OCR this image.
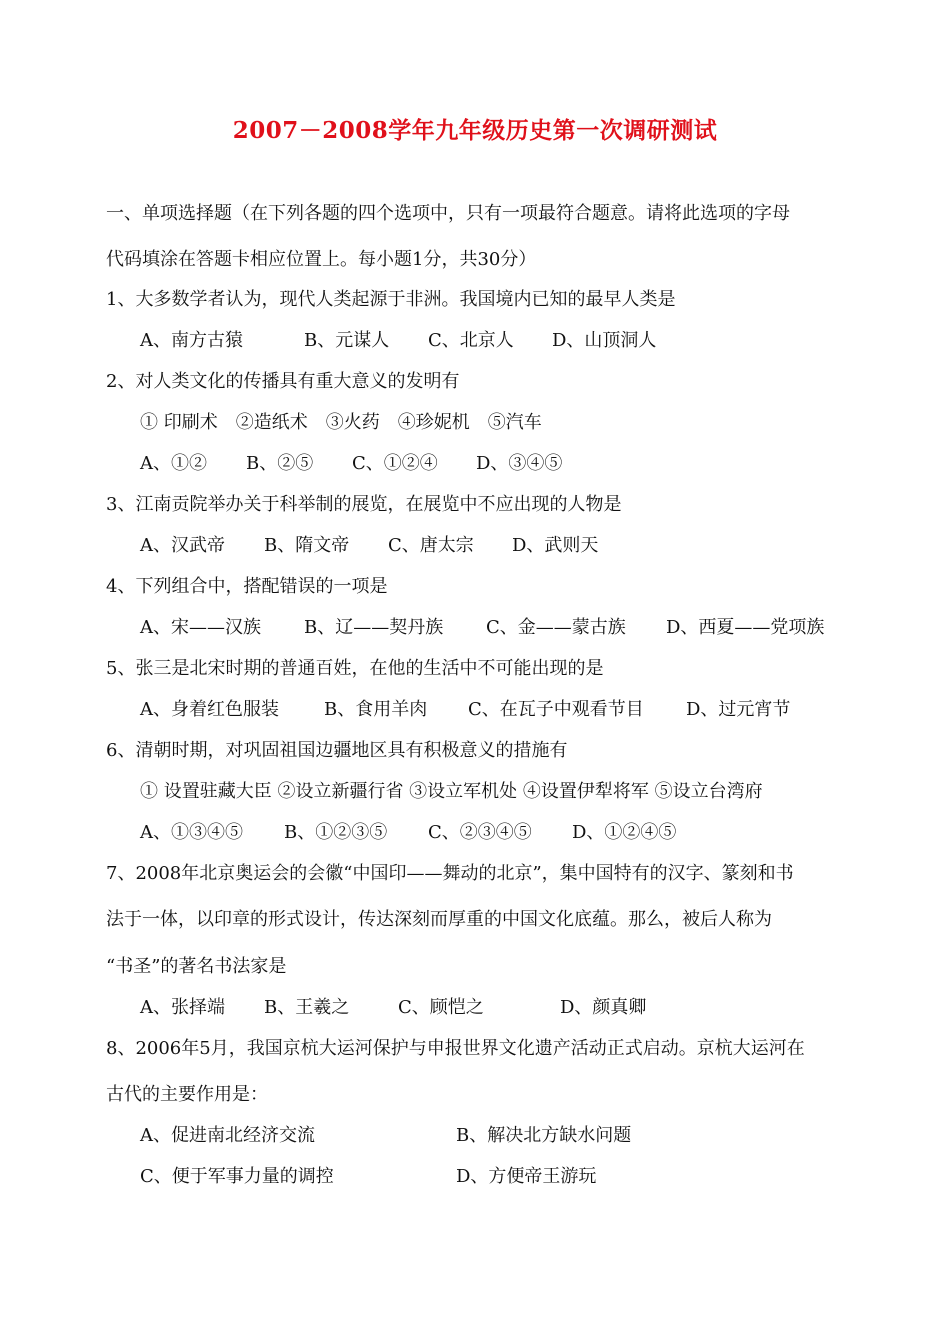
2007－2008学年九年级历史第一次调研测试
一、单项选择题（在下列各题的四个选项中，只有一项最符合题意。请将此选项的字母
代码填涂在答题卡相应位置上。每小题1分，共30分）
1、大多数学者认为，现代人类起源于非洲。我国境内已知的最早人类是
A、南方古猿	B、元谋人 C、北京人 D、山顶洞人
2、对人类文化的传播具有重大意义的发明有
① 印刷术　②造纸术　③火药　④珍妮机　⑤汽车
A、①② B、②⑤ C、①②④ D、③④⑤
3、江南贡院举办关于科举制的展览，在展览中不应出现的人物是
A、汉武帝 B、隋文帝 C、唐太宗 D、武则天
4、下列组合中，搭配错误的一项是
A、宋——汉族 B、辽——契丹族 C、金——蒙古族 D、西夏——党项族
5、张三是北宋时期的普通百姓，在他的生活中不可能出现的是
A、身着红色服装	B、食用羊肉 C、在瓦子中观看节目 D、过元宵节
6、清朝时期，对巩固祖国边疆地区具有积极意义的措施有
① 设置驻藏大臣 ②设立新疆行省 ③设立军机处 ④设置伊犁将军 ⑤设立台湾府
A、①③④⑤ B、①②③⑤ C、②③④⑤ D、①②④⑤
7、2008年北京奥运会的会徽“中国印——舞动的北京”，集中国特有的汉字、篆刻和书
法于一体，以印章的形式设计，传达深刻而厚重的中国文化底蕴。那么，被后人称为
“书圣”的著名书法家是
A、张择端 B、王羲之	C、顾恺之	D、颜真卿
8、2006年5月，我国京杭大运河保护与申报世界文化遗产活动正式启动。京杭大运河在
古代的主要作用是：
A、促进南北经济交流	B、解决北方缺水问题
C、便于军事力量的调控	D、方便帝王游玩
